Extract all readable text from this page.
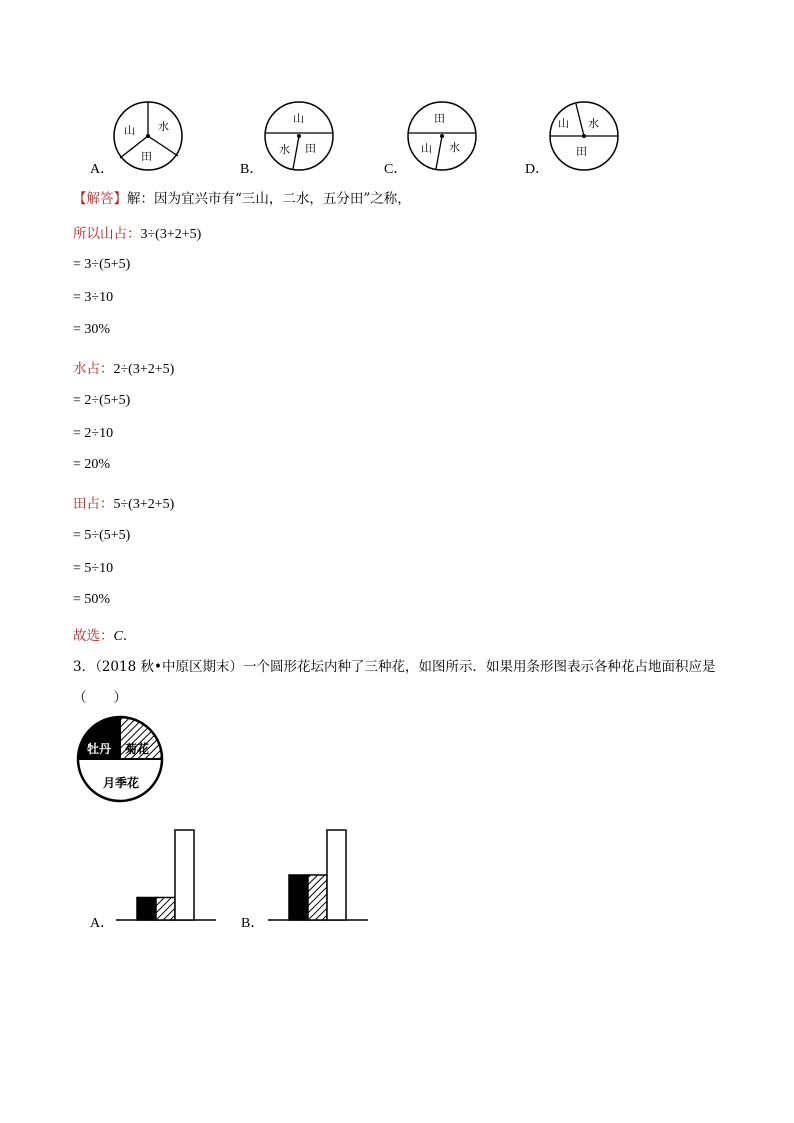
山 水
田
A．
山
水 田
B．
田
山 水
C．
山 水
田
D．
【解答】解：因为宜兴市有“三山，二水，五分田”之称，
所以山占：3÷(3+2+5)
= 3÷(5+5)
= 3÷10
= 30%
水占：2÷(3+2+5)
= 2÷(5+5)
= 2÷10
= 20%
田占：5÷(3+2+5)
= 5÷(5+5)
= 5÷10
= 50%
故选：C．
3．（2018 秋•中原区期末）一个圆形花坛内种了三种花，如图所示．如果用条形图表示各种花占地面积应是
（　　）
牡丹 菊花
月季花
A．	B．
